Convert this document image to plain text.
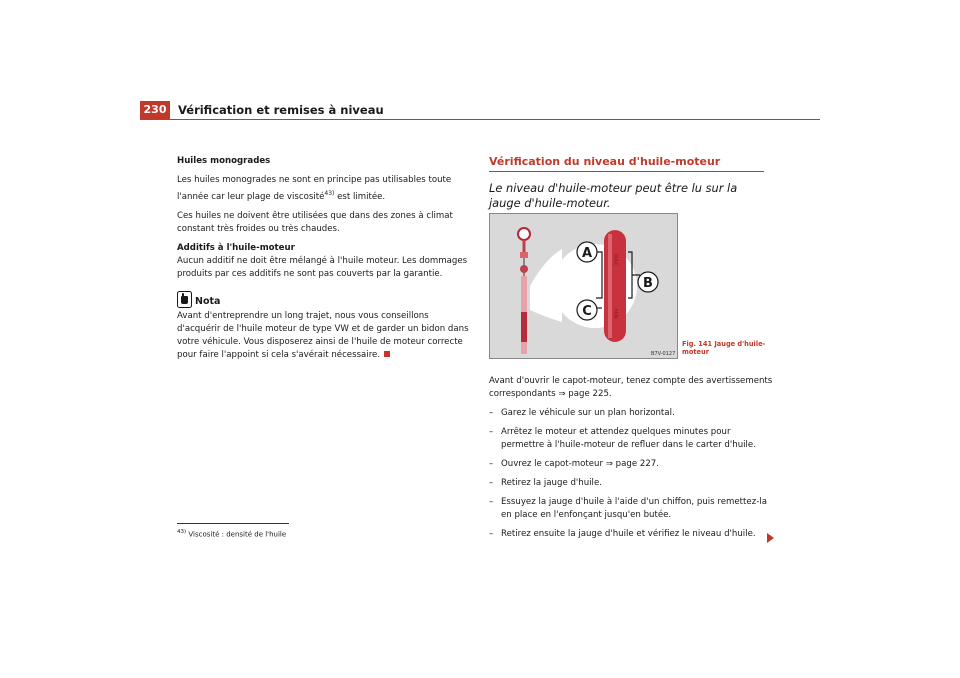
230	Vérification et remises à niveau

Huiles monogrades

Les huiles monogrades ne sont en principe pas utilisables toute l'année car leur plage de viscosité$^{43)}$ est limitée.

Ces huiles ne doivent être utilisées que dans des zones à climat constant très froides ou très chaudes.

Additifs à l'huile-moteur

Aucun additif ne doit être mélangé à l'huile moteur. Les dommages produits par ces additifs ne sont pas couverts par la garantie.

Nota

Avant d'entreprendre un long trajet, nous vous conseillons d'acquérir de l'huile moteur de type VW et de garder un bidon dans votre véhicule. Vous disposerez ainsi de l'huile de moteur correcte pour faire l'appoint si cela s'avérait nécessaire.

$^{43)}$ Viscosité : densité de l'huile
Vérification du niveau d'huile-moteur
Le niveau d'huile-moteur peut être lu sur la jauge d'huile-moteur.
MAX
MIN
A
B
C
B7V-0127
Fig. 141 Jauge d'huile-moteur

Avant d'ouvrir le capot-moteur, tenez compte des avertissements correspondants ⇒ page 225.

– Garez le véhicule sur un plan horizontal.
– Arrêtez le moteur et attendez quelques minutes pour permettre à l'huile-moteur de refluer dans le carter d'huile.
– Ouvrez le capot-moteur ⇒ page 227.
– Retirez la jauge d'huile.
– Essuyez la jauge d'huile à l'aide d'un chiffon, puis remettez-la en place en l'enfonçant jusqu'en butée.
– Retirez ensuite la jauge d'huile et vérifiez le niveau d'huile.
